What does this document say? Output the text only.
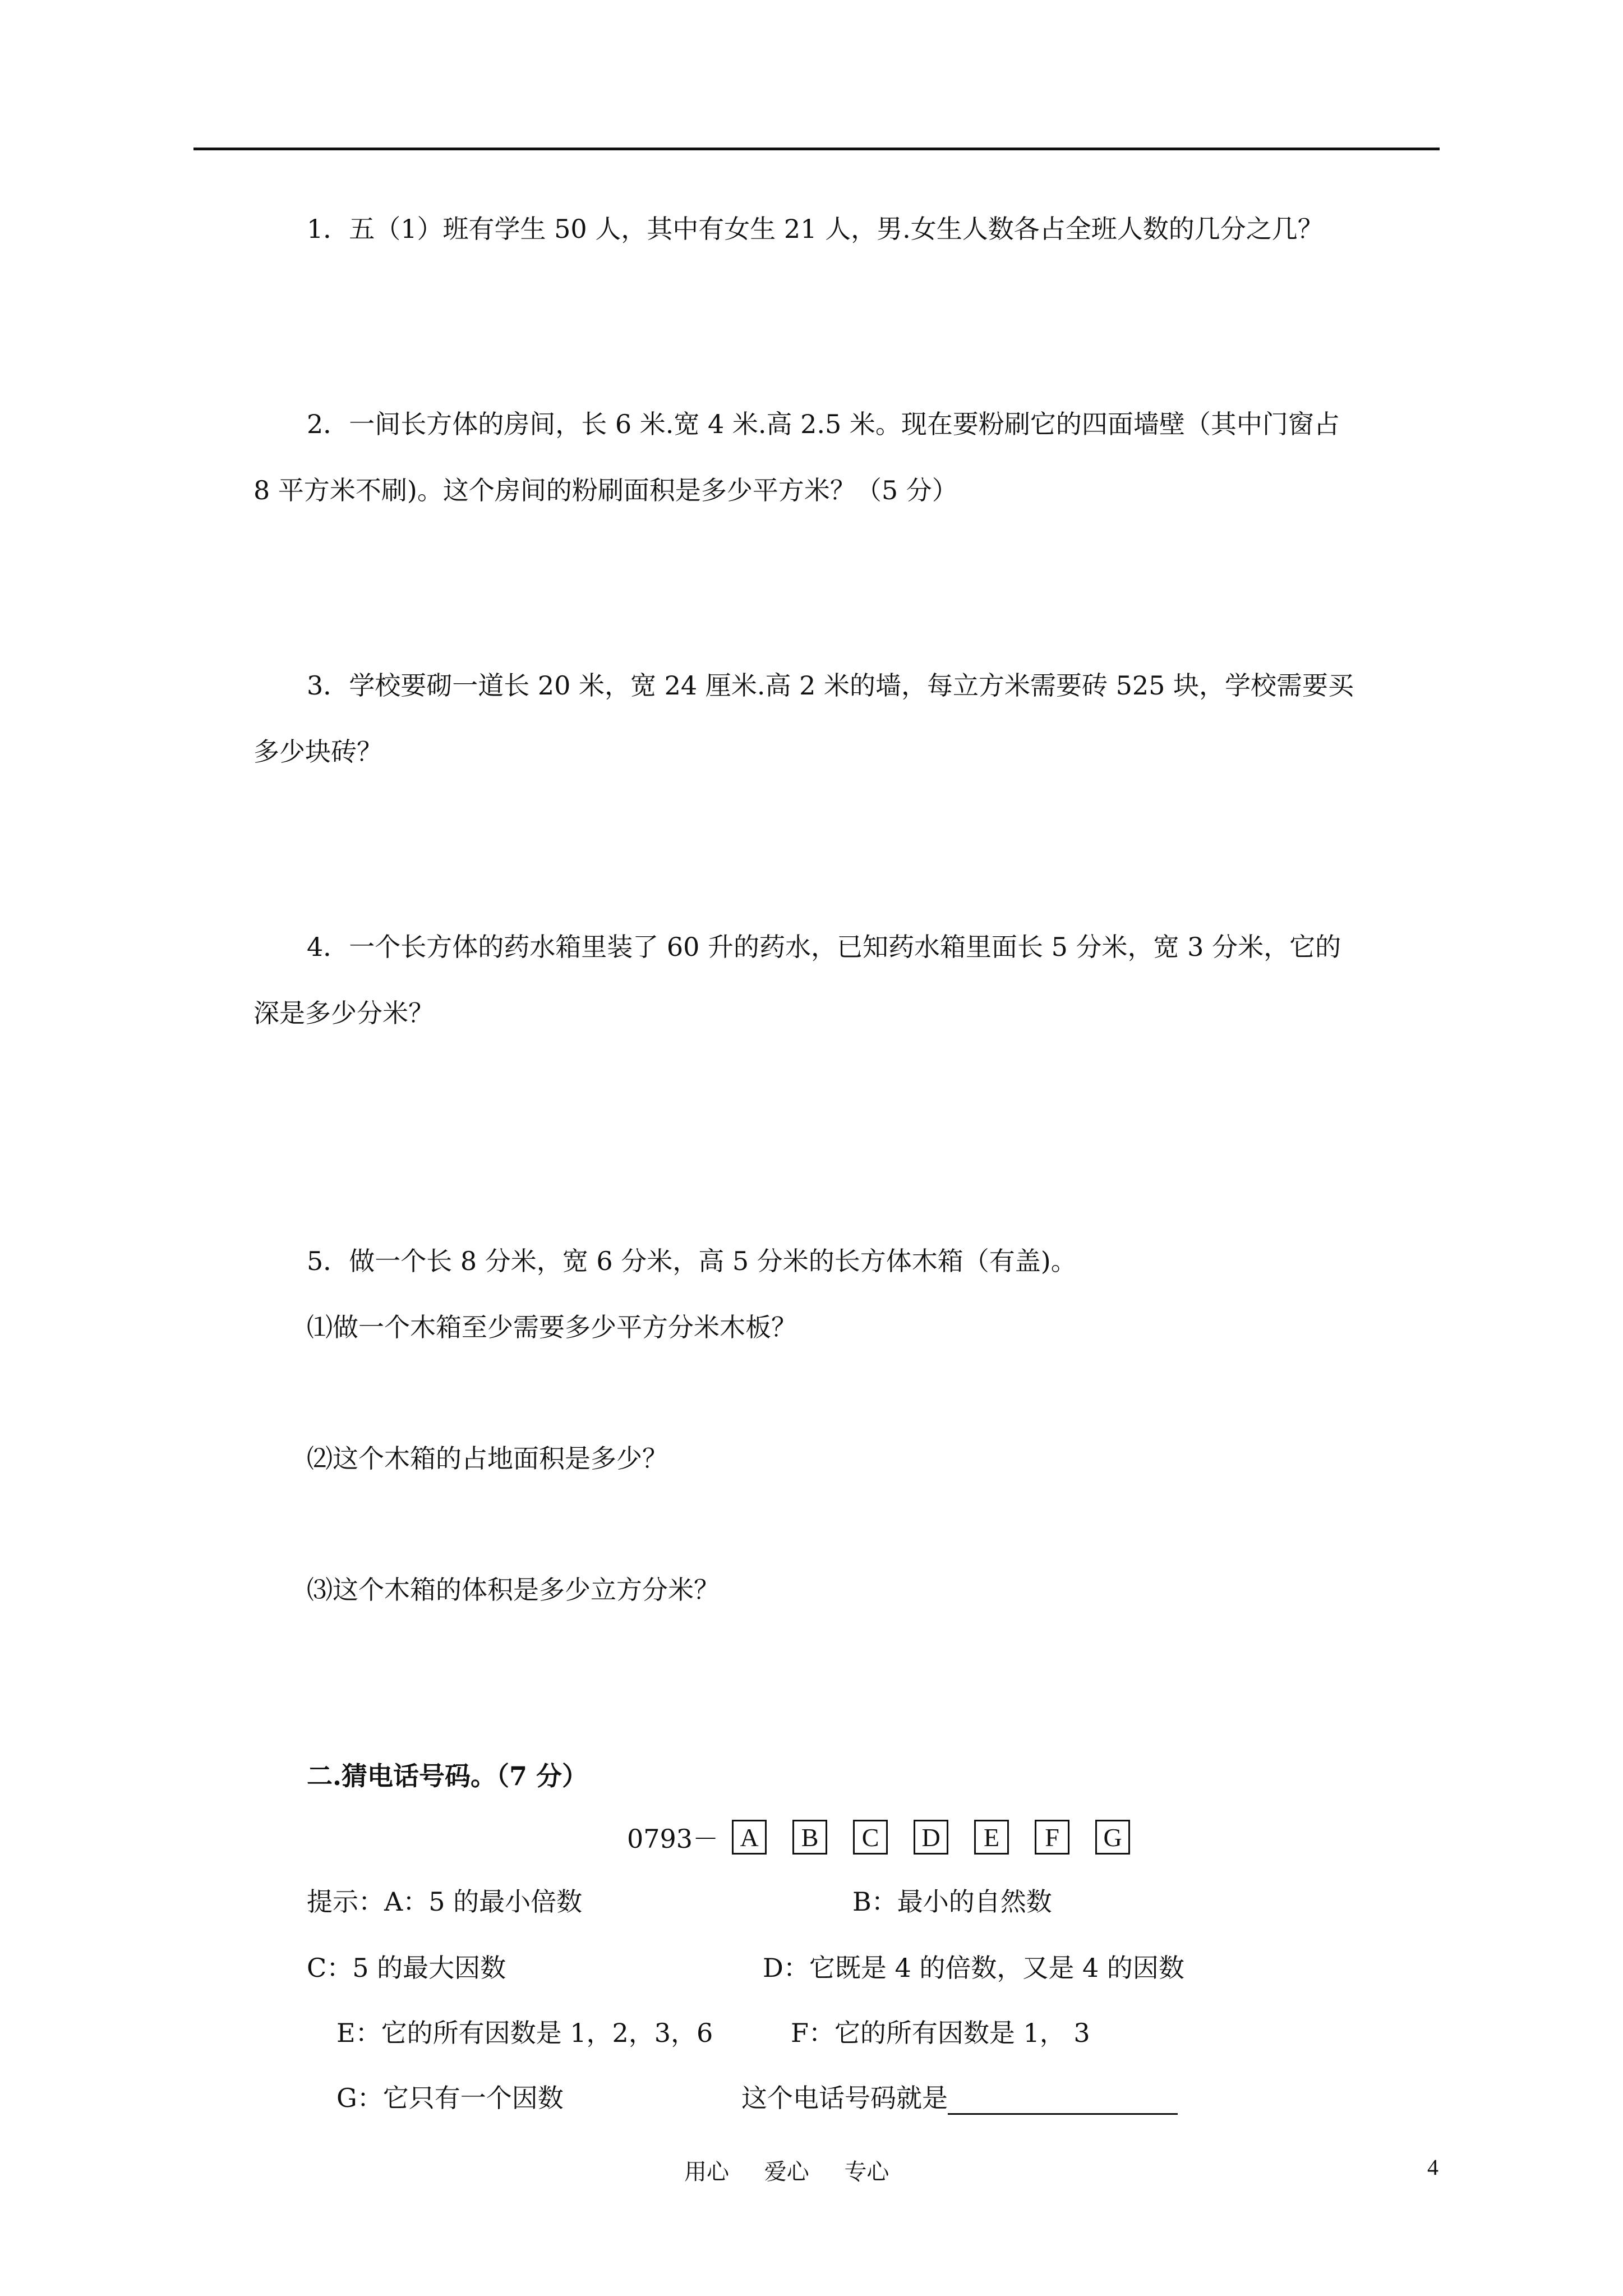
1．五（1）班有学生 50 人，其中有女生 21 人，男.女生人数各占全班人数的几分之几？
2．一间长方体的房间，长 6 米.宽 4 米.高 2.5 米。现在要粉刷它的四面墙壁（其中门窗占
8 平方米不刷)。这个房间的粉刷面积是多少平方米？（5 分）
3．学校要砌一道长 20 米，宽 24 厘米.高 2 米的墙，每立方米需要砖 525 块，学校需要买
多少块砖？
4．一个长方体的药水箱里装了 60 升的药水，已知药水箱里面长 5 分米，宽 3 分米，它的
深是多少分米？
5．做一个长 8 分米，宽 6 分米，高 5 分米的长方体木箱（有盖)。
⑴做一个木箱至少需要多少平方分米木板？
⑵这个木箱的占地面积是多少？
⑶这个木箱的体积是多少立方分米？
二.猜电话号码。（7 分）
0793－ A	B	C	D	E	F	G
提示：A：5 的最小倍数	B：最小的自然数
C：5 的最大因数	D：它既是 4 的倍数，又是 4 的因数
E：它的所有因数是 1，2，3，6	F：它的所有因数是 1， 3
G：它只有一个因数	这个电话号码就是
用心 爱心 专心	4
